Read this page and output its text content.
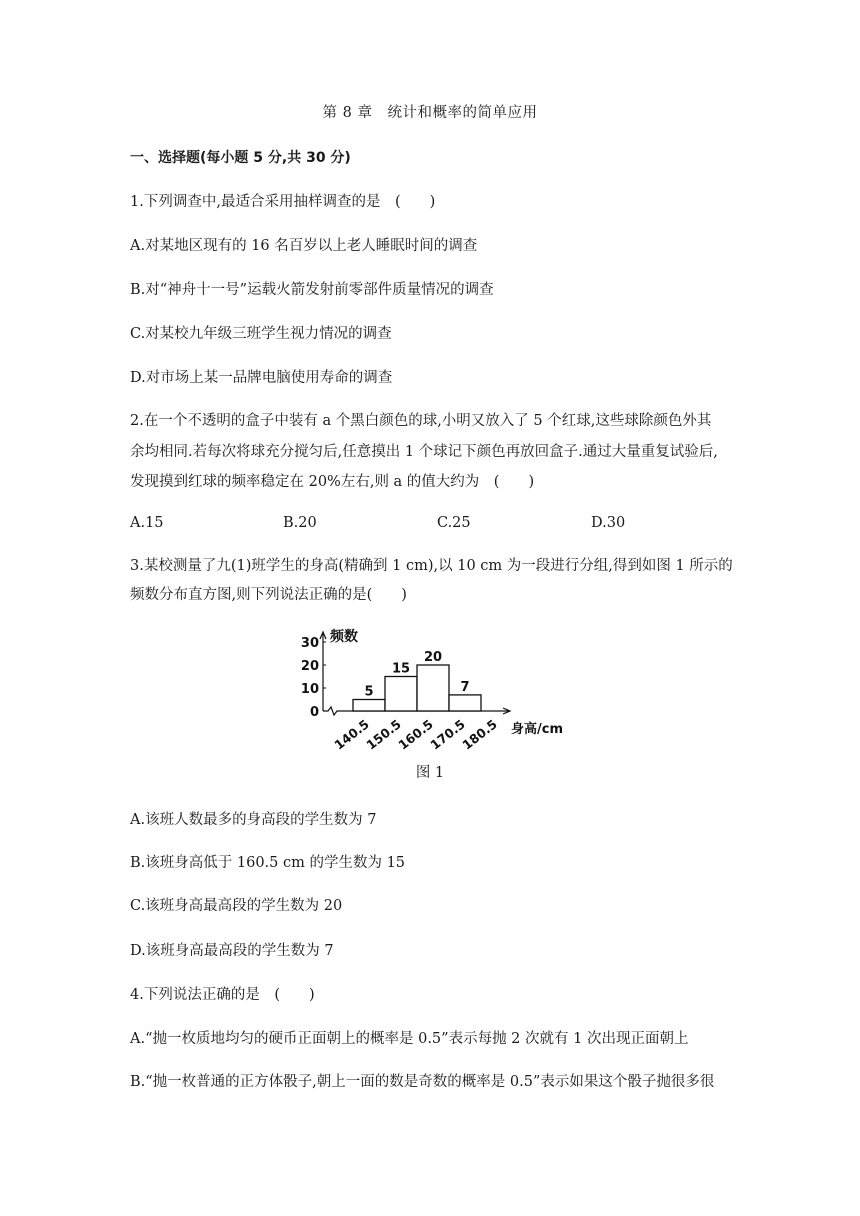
第 8 章　统计和概率的简单应用
一、选择题(每小题 5 分,共 30 分)
1.下列调查中,最适合采用抽样调查的是　(　　)
A.对某地区现有的 16 名百岁以上老人睡眠时间的调查
B.对“神舟十一号”运载火箭发射前零部件质量情况的调查
C.对某校九年级三班学生视力情况的调查
D.对市场上某一品牌电脑使用寿命的调查
2.在一个不透明的盒子中装有 a 个黑白颜色的球,小明又放入了 5 个红球,这些球除颜色外其
余均相同.若每次将球充分搅匀后,任意摸出 1 个球记下颜色再放回盒子.通过大量重复试验后,
发现摸到红球的频率稳定在 20%左右,则 a 的值大约为　(　　)
A.15	B.20	C.25	D.30
3.某校测量了九(1)班学生的身高(精确到 1 cm),以 10 cm 为一段进行分组,得到如图 1 所示的
频数分布直方图,则下列说法正确的是(　　)
频数
0
10
20
30
140.5
150.5
160.5
170.5
180.5 身高/cm
5
15
20
7
图 1
A.该班人数最多的身高段的学生数为 7
B.该班身高低于 160.5 cm 的学生数为 15
C.该班身高最高段的学生数为 20
D.该班身高最高段的学生数为 7
4.下列说法正确的是　(　　)
A.“抛一枚质地均匀的硬币正面朝上的概率是 0.5”表示每抛 2 次就有 1 次出现正面朝上
B.“抛一枚普通的正方体骰子,朝上一面的数是奇数的概率是 0.5”表示如果这个骰子抛很多很
